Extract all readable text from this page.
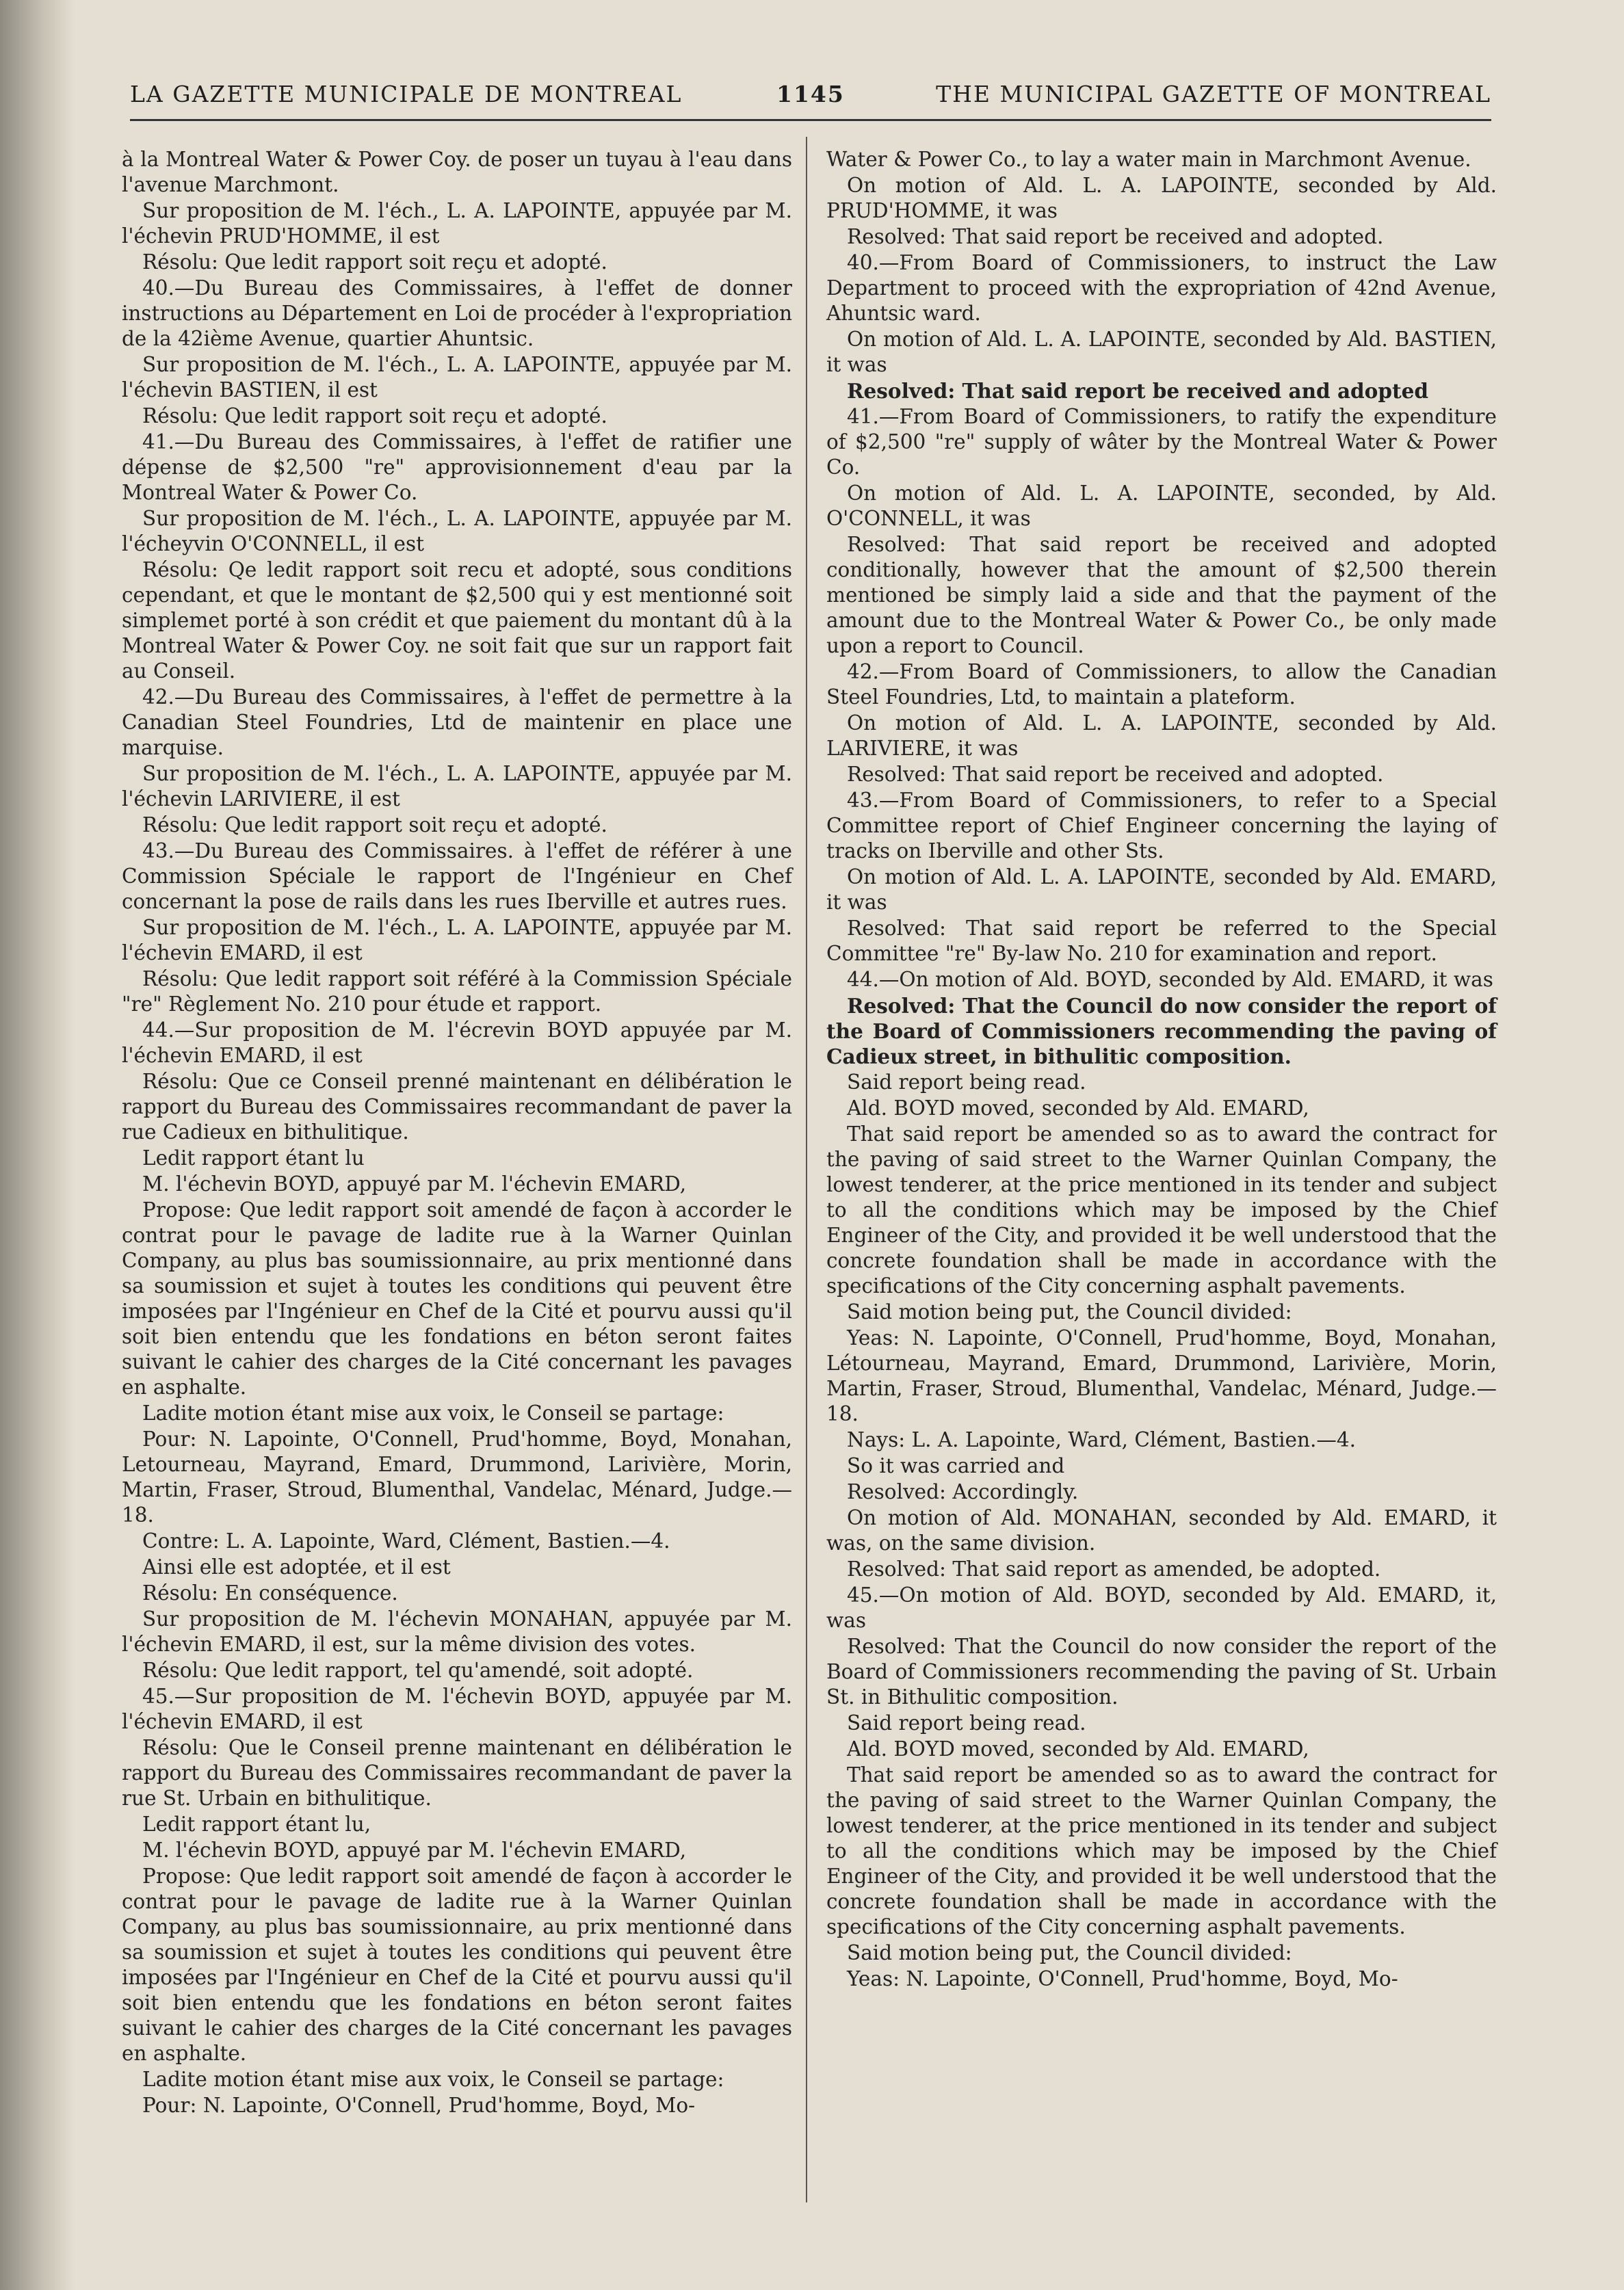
LA GAZETTE MUNICIPALE DE MONTREAL	1145	THE MUNICIPAL GAZETTE OF MONTREAL

à la Montreal Water & Power Coy. de poser un tuyau à l'eau dans l'avenue Marchmont.

Sur proposition de M. l'éch., L. A. LAPOINTE, appuyée par M. l'échevin PRUD'HOMME, il est

Résolu: Que ledit rapport soit reçu et adopté.

40.—Du Bureau des Commissaires, à l'effet de donner instructions au Département en Loi de procéder à l'expropriation de la 42ième Avenue, quartier Ahuntsic.

Sur proposition de M. l'éch., L. A. LAPOINTE, appuyée par M. l'échevin BASTIEN, il est

Résolu: Que ledit rapport soit reçu et adopté.

41.—Du Bureau des Commissaires, à l'effet de ratifier une dépense de $2,500 "re" approvisionnement d'eau par la Montreal Water & Power Co.

Sur proposition de M. l'éch., L. A. LAPOINTE, appuyée par M. l'écheyvin O'CONNELL, il est

Résolu: Qe ledit rapport soit recu et adopté, sous conditions cependant, et que le montant de $2,500 qui y est mentionné soit simplemet porté à son crédit et que paiement du montant dû à la Montreal Water & Power Coy. ne soit fait que sur un rapport fait au Conseil.

42.—Du Bureau des Commissaires, à l'effet de permettre à la Canadian Steel Foundries, Ltd de maintenir en place une marquise.

Sur proposition de M. l'éch., L. A. LAPOINTE, appuyée par M. l'échevin LARIVIERE, il est

Résolu: Que ledit rapport soit reçu et adopté.

43.—Du Bureau des Commissaires. à l'effet de référer à une Commission Spéciale le rapport de l'Ingénieur en Chef concernant la pose de rails dans les rues Iberville et autres rues.

Sur proposition de M. l'éch., L. A. LAPOINTE, appuyée par M. l'échevin EMARD, il est

Résolu: Que ledit rapport soit référé à la Commission Spéciale "re" Règlement No. 210 pour étude et rapport.

44.—Sur proposition de M. l'écrevin BOYD appuyée par M. l'échevin EMARD, il est

Résolu: Que ce Conseil prenné maintenant en délibération le rapport du Bureau des Commissaires recommandant de paver la rue Cadieux en bithulitique.

Ledit rapport étant lu

M. l'échevin BOYD, appuyé par M. l'échevin EMARD,

Propose: Que ledit rapport soit amendé de façon à accorder le contrat pour le pavage de ladite rue à la Warner Quinlan Company, au plus bas soumissionnaire, au prix mentionné dans sa soumission et sujet à toutes les conditions qui peuvent être imposées par l'Ingénieur en Chef de la Cité et pourvu aussi qu'il soit bien entendu que les fondations en béton seront faites suivant le cahier des charges de la Cité concernant les pavages en asphalte.

Ladite motion étant mise aux voix, le Conseil se partage:

Pour: N. Lapointe, O'Connell, Prud'homme, Boyd, Monahan, Letourneau, Mayrand, Emard, Drummond, Larivière, Morin, Martin, Fraser, Stroud, Blumenthal, Vandelac, Ménard, Judge.—18.

Contre: L. A. Lapointe, Ward, Clément, Bastien.—4.

Ainsi elle est adoptée, et il est

Résolu: En conséquence.

Sur proposition de M. l'échevin MONAHAN, appuyée par M. l'échevin EMARD, il est, sur la même division des votes.

Résolu: Que ledit rapport, tel qu'amendé, soit adopté.

45.—Sur proposition de M. l'échevin BOYD, appuyée par M. l'échevin EMARD, il est

Résolu: Que le Conseil prenne maintenant en délibération le rapport du Bureau des Commissaires recommandant de paver la rue St. Urbain en bithulitique.

Ledit rapport étant lu,

M. l'échevin BOYD, appuyé par M. l'échevin EMARD,

Propose: Que ledit rapport soit amendé de façon à accorder le contrat pour le pavage de ladite rue à la Warner Quinlan Company, au plus bas soumissionnaire, au prix mentionné dans sa soumission et sujet à toutes les conditions qui peuvent être imposées par l'Ingénieur en Chef de la Cité et pourvu aussi qu'il soit bien entendu que les fondations en béton seront faites suivant le cahier des charges de la Cité concernant les pavages en asphalte.

Ladite motion étant mise aux voix, le Conseil se partage:

Pour: N. Lapointe, O'Connell, Prud'homme, Boyd, Mo-

Water & Power Co., to lay a water main in Marchmont Avenue.

On motion of Ald. L. A. LAPOINTE, seconded by Ald. PRUD'HOMME, it was

Resolved: That said report be received and adopted.

40.—From Board of Commissioners, to instruct the Law Department to proceed with the expropriation of 42nd Avenue, Ahuntsic ward.

On motion of Ald. L. A. LAPOINTE, seconded by Ald. BASTIEN, it was

Resolved: That said report be received and adopted

41.—From Board of Commissioners, to ratify the expenditure of $2,500 "re" supply of wâter by the Montreal Water & Power Co.

On motion of Ald. L. A. LAPOINTE, seconded, by Ald. O'CONNELL, it was

Resolved: That said report be received and adopted conditionally, however that the amount of $2,500 therein mentioned be simply laid a side and that the payment of the amount due to the Montreal Water & Power Co., be only made upon a report to Council.

42.—From Board of Commissioners, to allow the Canadian Steel Foundries, Ltd, to maintain a plateform.

On motion of Ald. L. A. LAPOINTE, seconded by Ald. LARIVIERE, it was

Resolved: That said report be received and adopted.

43.—From Board of Commissioners, to refer to a Special Committee report of Chief Engineer concerning the laying of tracks on Iberville and other Sts.

On motion of Ald. L. A. LAPOINTE, seconded by Ald. EMARD, it was

Resolved: That said report be referred to the Special Committee "re" By-law No. 210 for examination and report.

44.—On motion of Ald. BOYD, seconded by Ald. EMARD, it was

Resolved: That the Council do now consider the report of the Board of Commissioners recommending the paving of Cadieux street, in bithulitic composition.

Said report being read.

Ald. BOYD moved, seconded by Ald. EMARD,

That said report be amended so as to award the contract for the paving of said street to the Warner Quinlan Company, the lowest tenderer, at the price mentioned in its tender and subject to all the conditions which may be imposed by the Chief Engineer of the City, and provided it be well understood that the concrete foundation shall be made in accordance with the specifications of the City concerning asphalt pavements.

Said motion being put, the Council divided:

Yeas: N. Lapointe, O'Connell, Prud'homme, Boyd, Monahan, Létourneau, Mayrand, Emard, Drummond, Larivière, Morin, Martin, Fraser, Stroud, Blumenthal, Vandelac, Ménard, Judge.—18.

Nays: L. A. Lapointe, Ward, Clément, Bastien.—4.

So it was carried and

Resolved: Accordingly.

On motion of Ald. MONAHAN, seconded by Ald. EMARD, it was, on the same division.

Resolved: That said report as amended, be adopted.

45.—On motion of Ald. BOYD, seconded by Ald. EMARD, it, was

Resolved: That the Council do now consider the report of the Board of Commissioners recommending the paving of St. Urbain St. in Bithulitic composition.

Said report being read.

Ald. BOYD moved, seconded by Ald. EMARD,

That said report be amended so as to award the contract for the paving of said street to the Warner Quinlan Company, the lowest tenderer, at the price mentioned in its tender and subject to all the conditions which may be imposed by the Chief Engineer of the City, and provided it be well understood that the concrete foundation shall be made in accordance with the specifications of the City concerning asphalt pavements.

Said motion being put, the Council divided:

Yeas: N. Lapointe, O'Connell, Prud'homme, Boyd, Mo-
